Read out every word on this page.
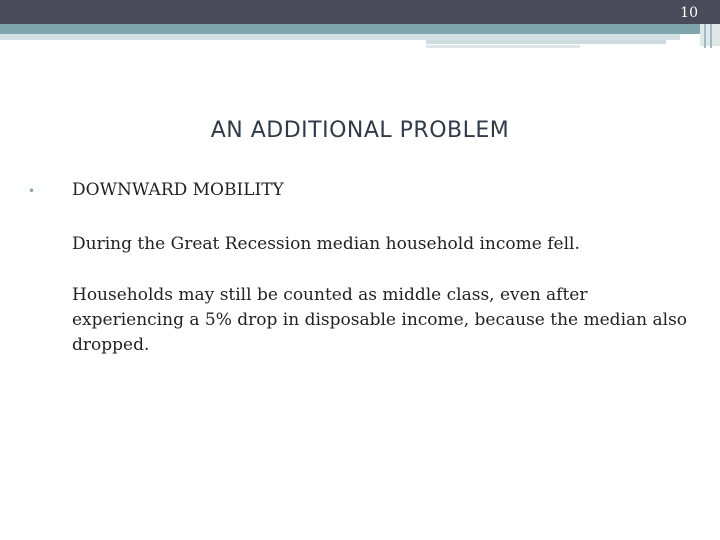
10
AN ADDITIONAL PROBLEM
•	DOWNWARD MOBILITY
During the Great Recession median household income fell.
Households may still be counted as middle class, even after experiencing a 5% drop in disposable income, because the median also dropped.
